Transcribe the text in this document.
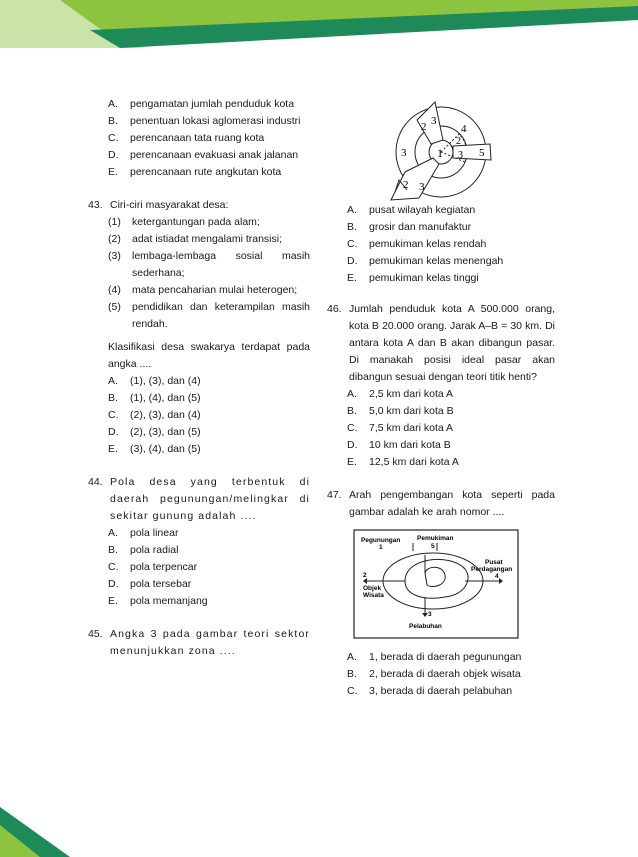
A.	pengamatan jumlah penduduk kota
B.	penentuan lokasi aglomerasi industri
C.	perencanaan tata ruang kota
D.	perencanaan evakuasi anak jalanan
E.	perencanaan rute angkutan kota
43. Ciri-ciri masyarakat desa:
(1)	ketergantungan pada alam;
(2)	adat istiadat mengalami transisi;
(3)	lembaga-lembaga sosial masih sederhana;
(4)	mata pencaharian mulai heterogen;
(5)	pendidikan dan keterampilan masih rendah.
Klasifikasi desa swakarya terdapat pada angka ....
A.	(1), (3), dan (4)
B.	(1), (4), dan (5)
C.	(2), (3), dan (4)
D.	(2), (3), dan (5)
E.	(3), (4), dan (5)
44. Pola desa yang terbentuk di daerah pegunungan/melingkar di sekitar gunung adalah ....
A.	pola linear
B.	pola radial
C.	pola terpencar
D.	pola tersebar
E.	pola memanjang
45. Angka 3 pada gambar teori sektor menunjukkan zona ....
1
2 3
4
5
2
3
3
2 3
A.	pusat wilayah kegiatan
B.	grosir dan manufaktur
C.	pemukiman kelas rendah
D.	pemukiman kelas menengah
E.	pemukiman kelas tinggi
46. Jumlah penduduk kota A 500.000 orang, kota B 20.000 orang. Jarak A–B = 30 km. Di antara kota A dan B akan dibangun pasar. Di manakah posisi ideal pasar akan dibangun sesuai dengan teori titik henti?
A.	2,5 km dari kota A
B.	5,0 km dari kota B
C.	7,5 km dari kota A
D.	10 km dari kota B
E.	12,5 km dari kota A
47. Arah pengembangan kota seperti pada gambar adalah ke arah nomor ....
Pegunungan
1
Pemukiman
5
Pusat
Perdagangan
4
2
Objek
Wisata
3
Pelabuhan
A.	1, berada di daerah pegunungan
B.	2, berada di daerah objek wisata
C.	3, berada di daerah pelabuhan
